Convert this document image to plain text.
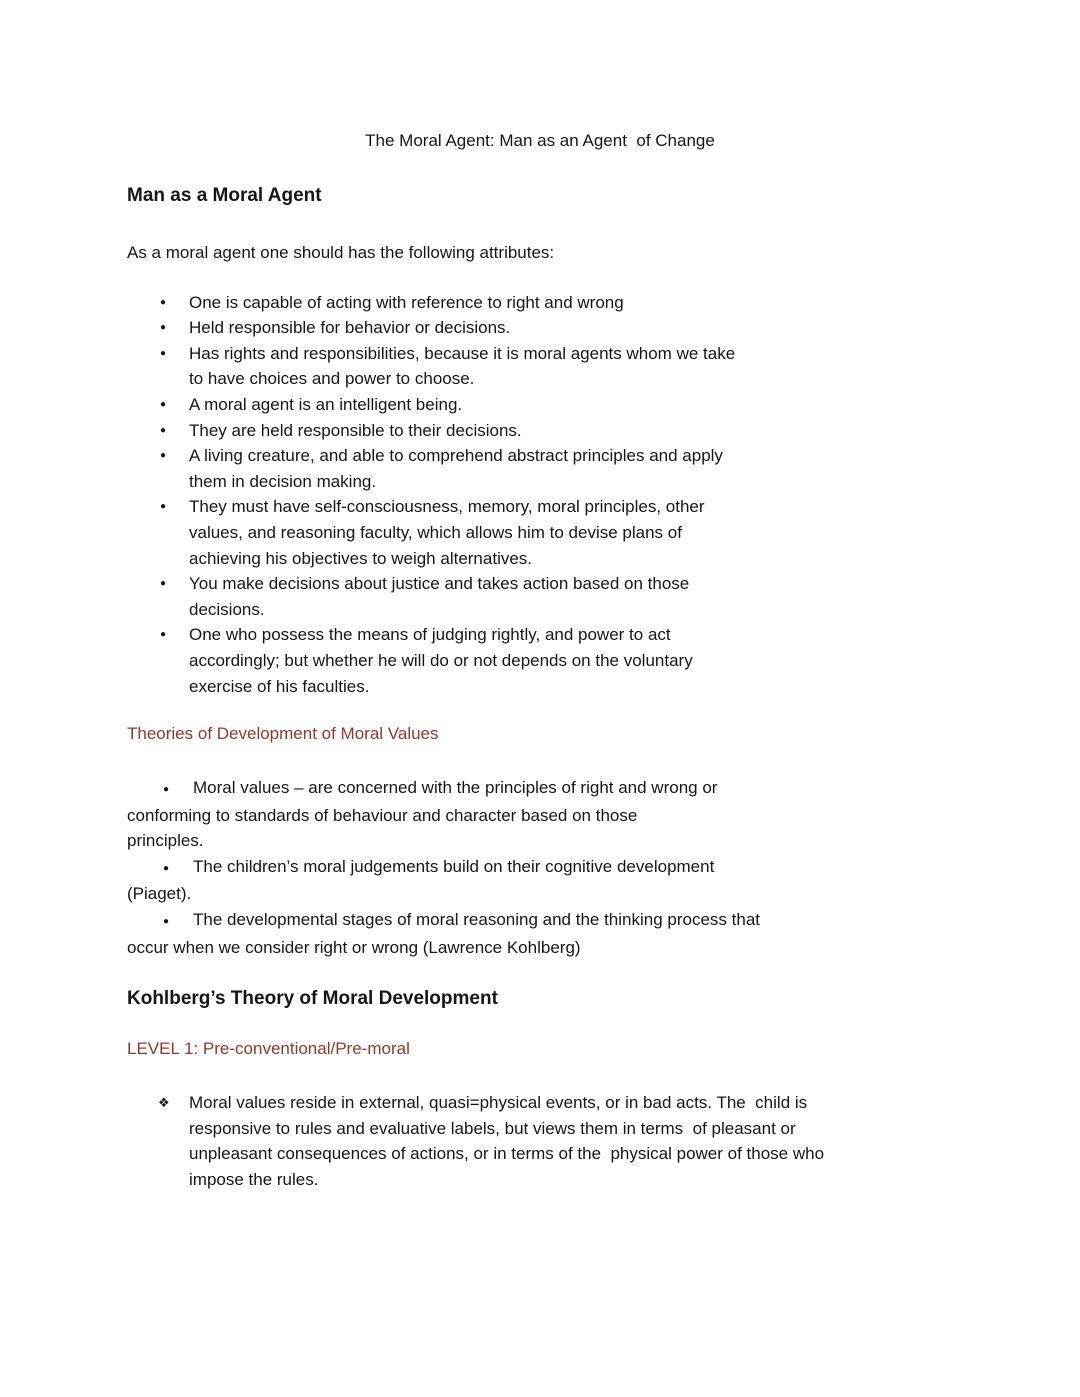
The Moral Agent: Man as an Agent  of Change
Man as a Moral Agent
As a moral agent one should has the following attributes:
● One is capable of acting with reference to right and wrong
● Held responsible for behavior or decisions.
● Has rights and responsibilities, because it is moral agents whom we take
to have choices and power to choose.
● A moral agent is an intelligent being.
● They are held responsible to their decisions.
● A living creature, and able to comprehend abstract principles and apply
them in decision making.
● They must have self-consciousness, memory, moral principles, other
values, and reasoning faculty, which allows him to devise plans of
achieving his objectives to weigh alternatives.
● You make decisions about justice and takes action based on those
decisions.
● One who possess the means of judging rightly, and power to act
accordingly; but whether he will do or not depends on the voluntary
exercise of his faculties.
Theories of Development of Moral Values
● Moral values – are concerned with the principles of right and wrong or
conforming to standards of behaviour and character based on those
principles.
● The children’s moral judgements build on their cognitive development
(Piaget).
● The developmental stages of moral reasoning and the thinking process that
occur when we consider right or wrong (Lawrence Kohlberg)
Kohlberg’s Theory of Moral Development
LEVEL 1: Pre-conventional/Pre-moral
❖ Moral values reside in external, quasi=physical events, or in bad acts. The  child is
responsive to rules and evaluative labels, but views them in terms  of pleasant or
unpleasant consequences of actions, or in terms of the  physical power of those who
impose the rules.
